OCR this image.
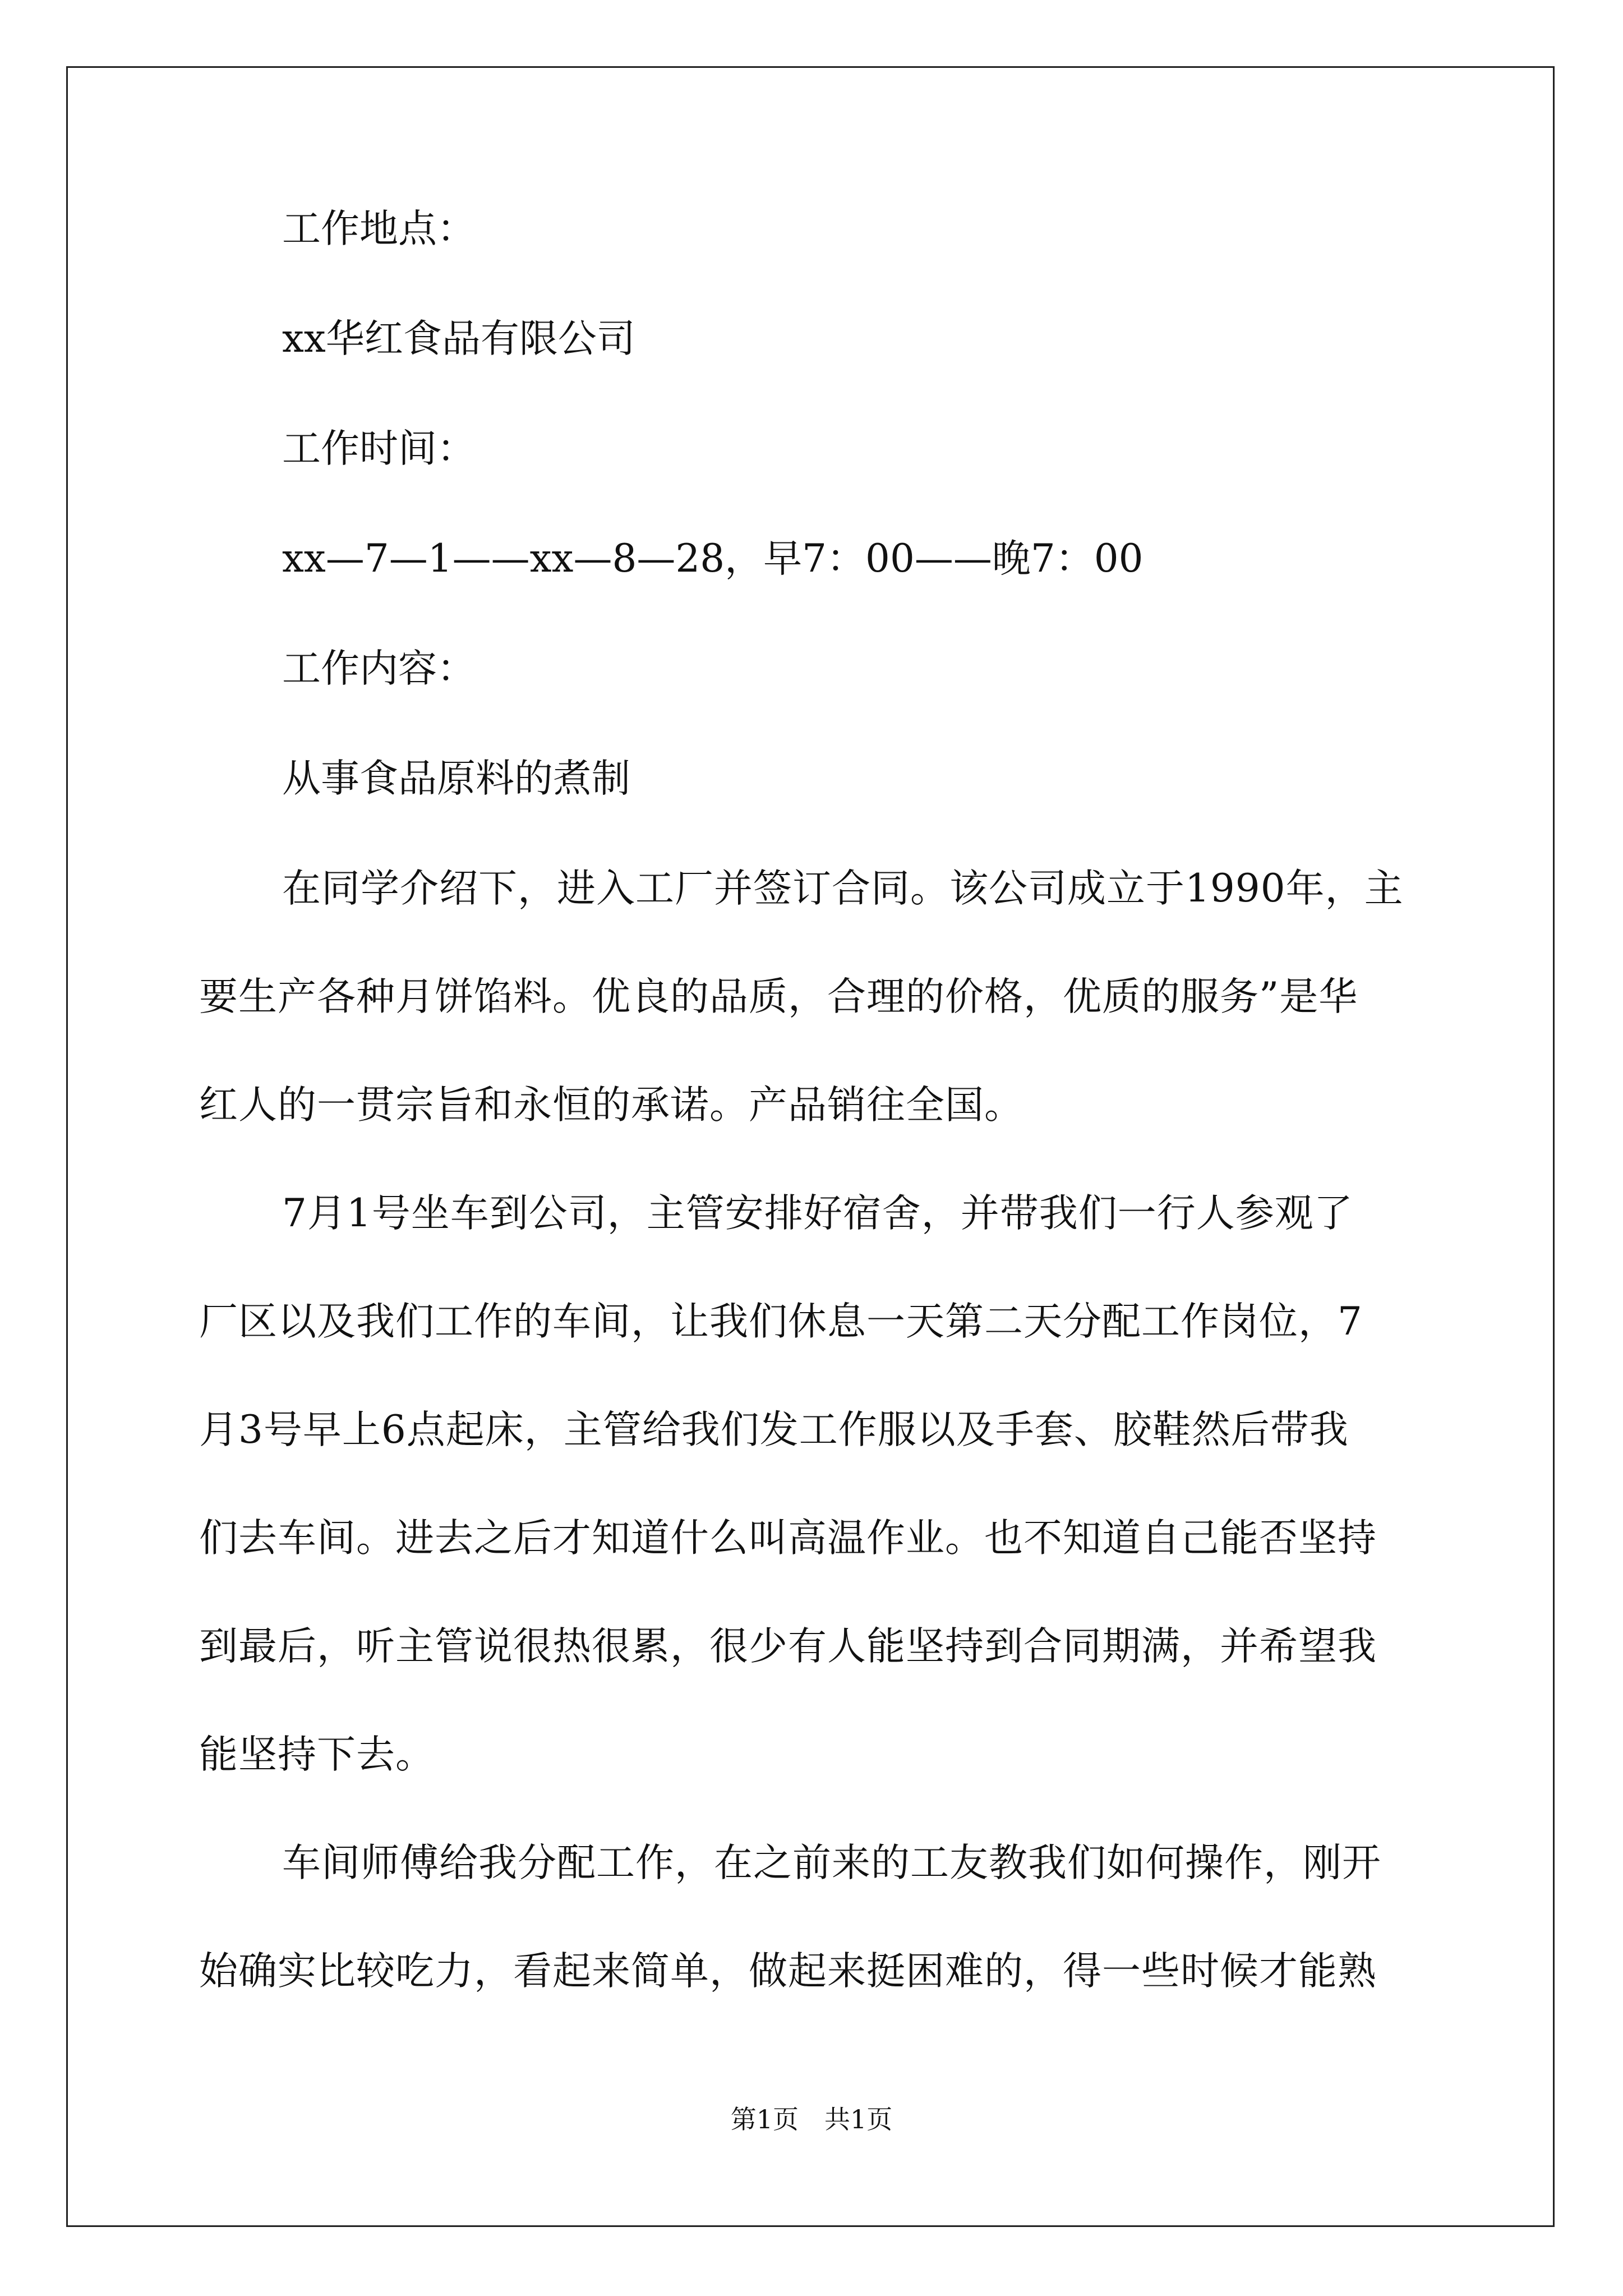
工作地点：
xx华红食品有限公司
工作时间：
xx—7—1——xx—8—28，早7：00——晚7：00
工作内容：
从事食品原料的煮制
在同学介绍下，进入工厂并签订合同。该公司成立于1990年，主
要生产各种月饼馅料。优良的品质，合理的价格，优质的服务”是华
红人的一贯宗旨和永恒的承诺。产品销往全国。
7月1号坐车到公司，主管安排好宿舍，并带我们一行人参观了
厂区以及我们工作的车间，让我们休息一天第二天分配工作岗位，7
月3号早上6点起床，主管给我们发工作服以及手套、胶鞋然后带我
们去车间。进去之后才知道什么叫高温作业。也不知道自己能否坚持
到最后，听主管说很热很累，很少有人能坚持到合同期满，并希望我
能坚持下去。
车间师傅给我分配工作，在之前来的工友教我们如何操作，刚开
始确实比较吃力，看起来简单，做起来挺困难的，得一些时候才能熟
第1页 共1页
